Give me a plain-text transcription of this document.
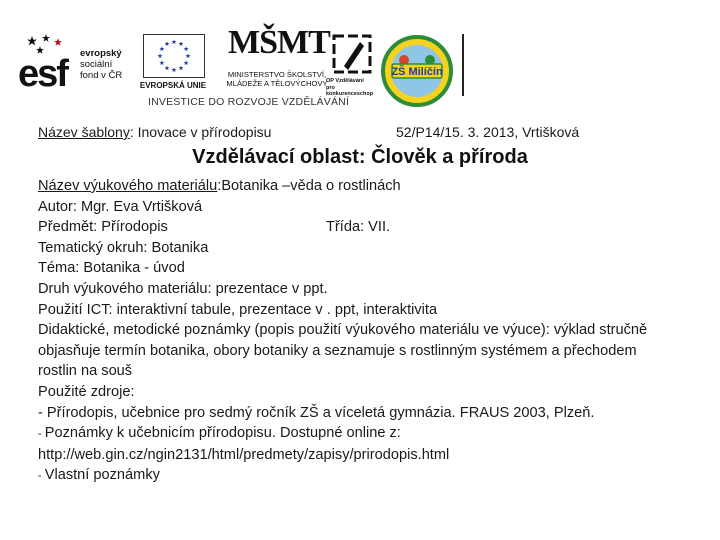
esf evropský
sociální
fond v ČR
EVROPSKÁ UNIE
MŠMT
MINISTERSTVO ŠKOLSTVÍ,
MLÁDEŽE A TĚLOVÝCHOVY
OP Vzdělávání
pro konkurenceschop
ZŠ Milíčín
INVESTICE DO ROZVOJE VZDĚLÁVÁNÍ
Název šablony: Inovace v přírodopisu	52/P14/15. 3. 2013, Vrtišková
Vzdělávací oblast: Člověk a příroda
Název výukového materiálu:Botanika –věda o rostlinách
Autor: Mgr. Eva Vrtišková
Předmět: Přírodopis	Třída: VII.
Tematický okruh: Botanika
Téma: Botanika - úvod
Druh výukového materiálu: prezentace v ppt.
Použití ICT: interaktivní tabule, prezentace v . ppt, interaktivita
Didaktické, metodické poznámky (popis použití výukového materiálu ve výuce): výklad stručně objasňuje termín botanika, obory botaniky a seznamuje s rostlinným systémem a přechodem rostlin na souš
Použité zdroje:
- Přírodopis, učebnice pro sedmý ročník ZŠ a víceletá gymnázia. FRAUS 2003, Plzeň.
- Poznámky k učebnicím přírodopisu. Dostupné online z: http://web.gin.cz/ngin2131/html/predmety/zapisy/prirodopis.html
- Vlastní poznámky
